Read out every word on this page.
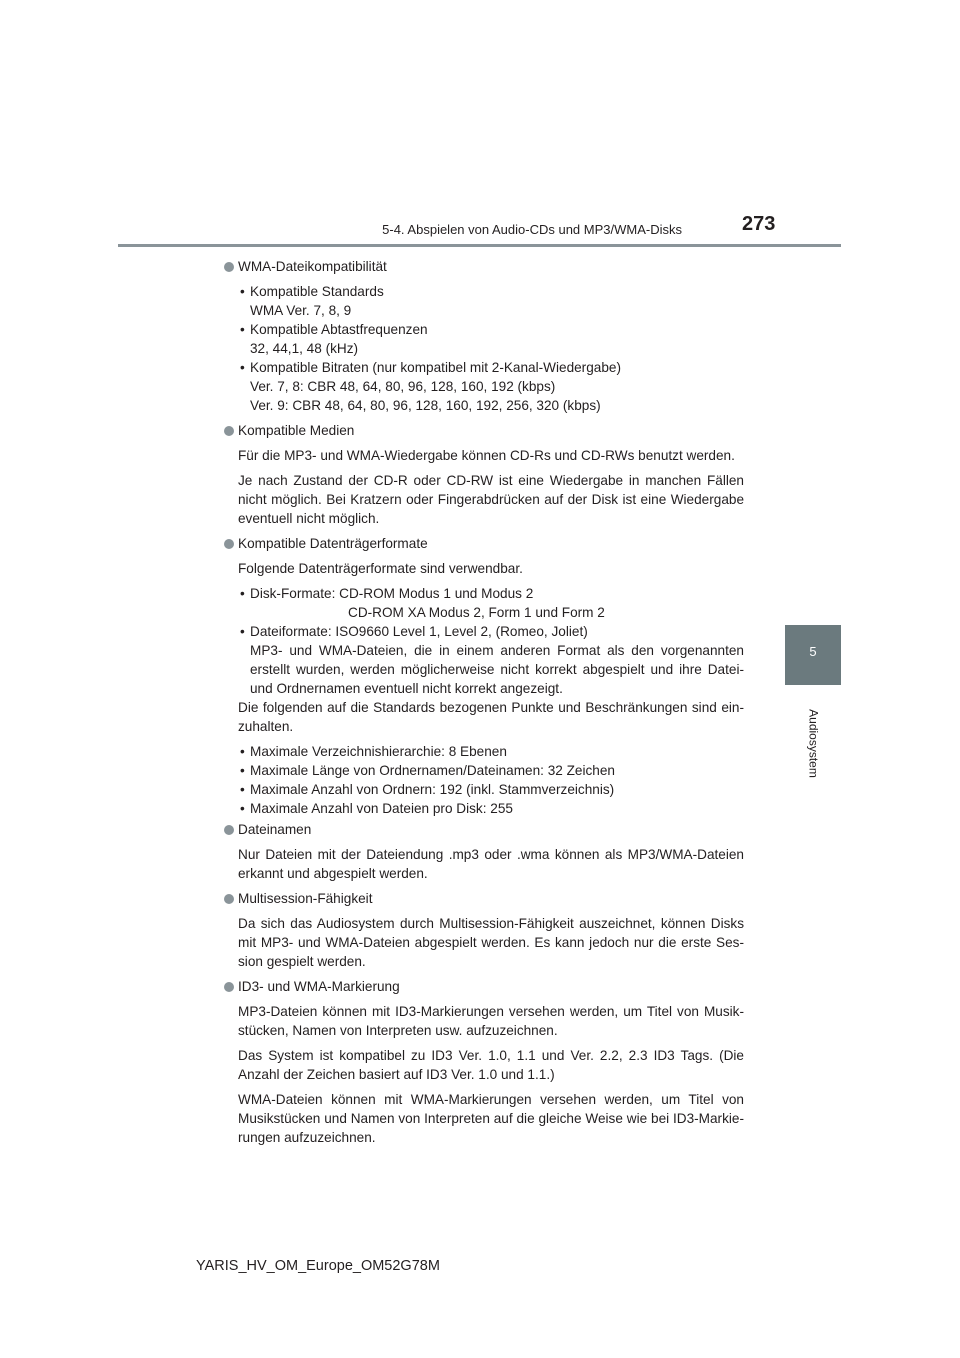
5-4. Abspielen von Audio-CDs und MP3/WMA-Disks	273
5
Audiosystem
WMA-Dateikompatibilität
• Kompatible Standards
WMA Ver. 7, 8, 9
• Kompatible Abtastfrequenzen
32, 44,1, 48 (kHz)
• Kompatible Bitraten (nur kompatibel mit 2-Kanal-Wiedergabe)
Ver. 7, 8: CBR 48, 64, 80, 96, 128, 160, 192 (kbps)
Ver. 9: CBR 48, 64, 80, 96, 128, 160, 192, 256, 320 (kbps)
Kompatible Medien
Für die MP3- und WMA-Wiedergabe können CD-Rs und CD-RWs benutzt werden.
Je nach Zustand der CD-R oder CD-RW ist eine Wiedergabe in manchen Fällen nicht möglich. Bei Kratzern oder Fingerabdrücken auf der Disk ist eine Wiedergabe eventuell nicht möglich.
Kompatible Datenträgerformate
Folgende Datenträgerformate sind verwendbar.
• Disk-Formate: CD-ROM Modus 1 und Modus 2
CD-ROM XA Modus 2, Form 1 und Form 2
• Dateiformate: ISO9660 Level 1, Level 2, (Romeo, Joliet)
MP3- und WMA-Dateien, die in einem anderen Format als den vorgenannten erstellt wurden, werden möglicherweise nicht korrekt abgespielt und ihre Datei- und Ordnernamen eventuell nicht korrekt angezeigt.
Die folgenden auf die Standards bezogenen Punkte und Beschränkungen sind ein-zuhalten.
• Maximale Verzeichnishierarchie: 8 Ebenen
• Maximale Länge von Ordnernamen/Dateinamen: 32 Zeichen
• Maximale Anzahl von Ordnern: 192 (inkl. Stammverzeichnis)
• Maximale Anzahl von Dateien pro Disk: 255
Dateinamen
Nur Dateien mit der Dateiendung .mp3 oder .wma können als MP3/WMA-Dateien erkannt und abgespielt werden.
Multisession-Fähigkeit
Da sich das Audiosystem durch Multisession-Fähigkeit auszeichnet, können Disks mit MP3- und WMA-Dateien abgespielt werden. Es kann jedoch nur die erste Ses-sion gespielt werden.
ID3- und WMA-Markierung
MP3-Dateien können mit ID3-Markierungen versehen werden, um Titel von Musik-stücken, Namen von Interpreten usw. aufzuzeichnen.
Das System ist kompatibel zu ID3 Ver. 1.0, 1.1 und Ver. 2.2, 2.3 ID3 Tags. (Die Anzahl der Zeichen basiert auf ID3 Ver. 1.0 und 1.1.)
WMA-Dateien können mit WMA-Markierungen versehen werden, um Titel von Musikstücken und Namen von Interpreten auf die gleiche Weise wie bei ID3-Markie-rungen aufzuzeichnen.
YARIS_HV_OM_Europe_OM52G78M
